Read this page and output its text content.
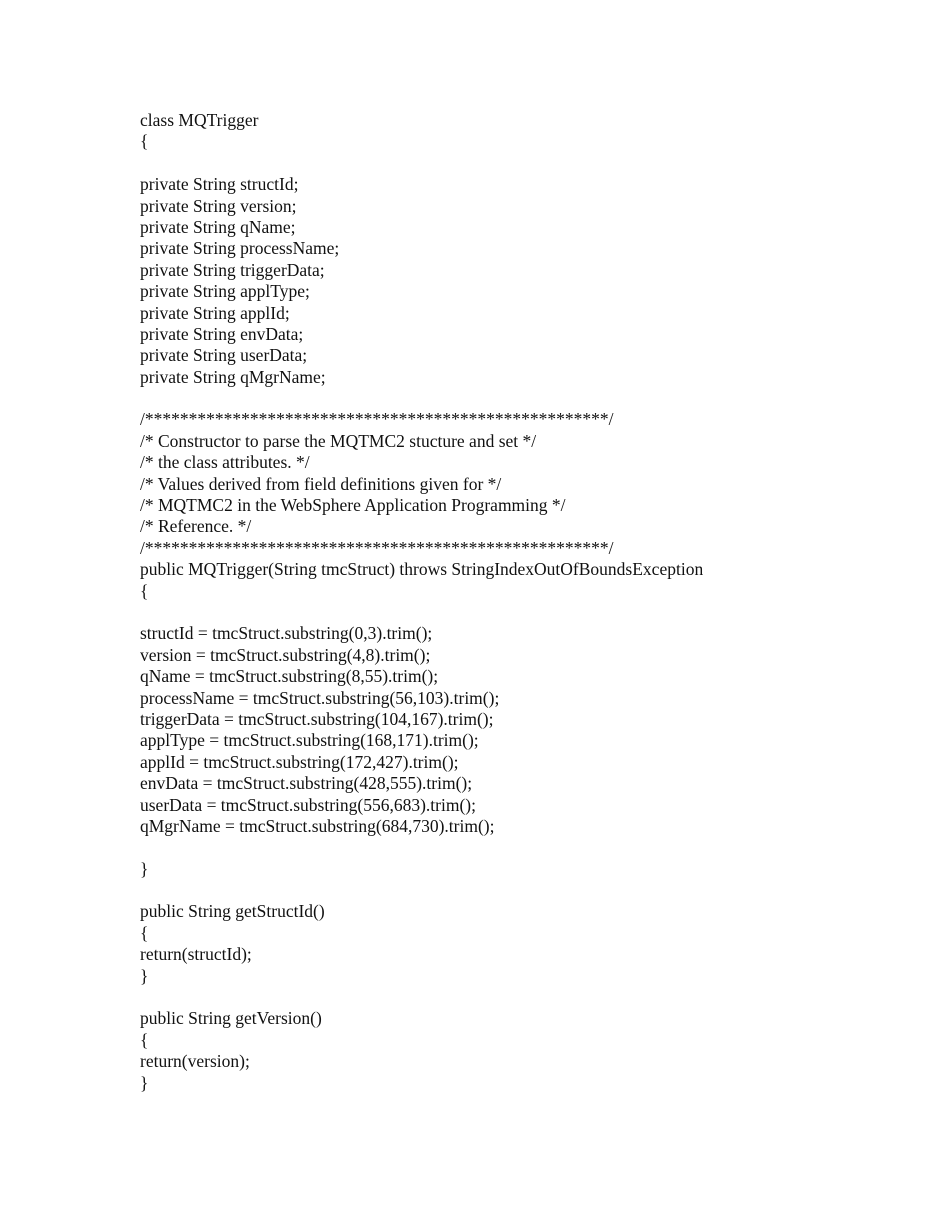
class MQTrigger
{
private String structId;
private String version;
private String qName;
private String processName;
private String triggerData;
private String applType;
private String applId;
private String envData;
private String userData;
private String qMgrName;
/*****************************************************/
/* Constructor to parse the MQTMC2 stucture and set */
/* the class attributes. */
/* Values derived from field definitions given for */
/* MQTMC2 in the WebSphere Application Programming */
/* Reference. */
/*****************************************************/
public MQTrigger(String tmcStruct) throws StringIndexOutOfBoundsException
{
structId = tmcStruct.substring(0,3).trim();
version = tmcStruct.substring(4,8).trim();
qName = tmcStruct.substring(8,55).trim();
processName = tmcStruct.substring(56,103).trim();
triggerData = tmcStruct.substring(104,167).trim();
applType = tmcStruct.substring(168,171).trim();
applId = tmcStruct.substring(172,427).trim();
envData = tmcStruct.substring(428,555).trim();
userData = tmcStruct.substring(556,683).trim();
qMgrName = tmcStruct.substring(684,730).trim();
}
public String getStructId()
{
return(structId);
}
public String getVersion()
{
return(version);
}
